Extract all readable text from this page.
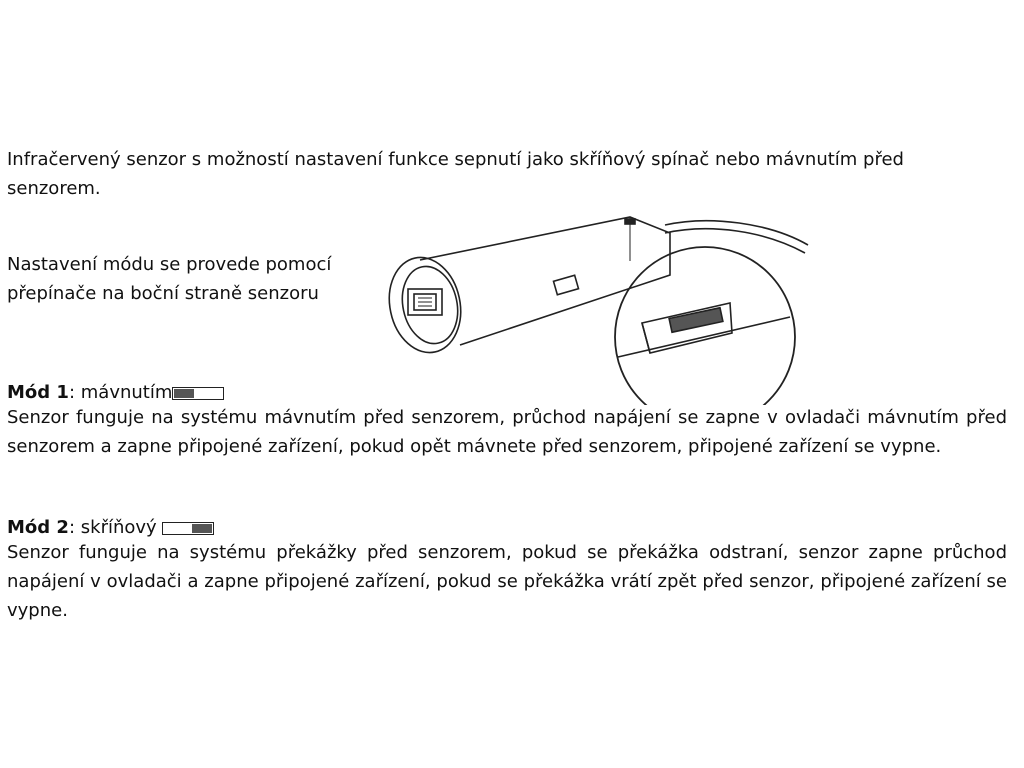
Infračervený senzor s možností nastavení funkce sepnutí jako skříňový spínač nebo mávnutím před
senzorem.

Nastavení módu se provede pomocí
přepínače na boční straně senzoru

Mód 1: mávnutím

Senzor funguje na systému mávnutím před senzorem, průchod napájení se zapne v ovladači mávnutím před senzorem a zapne připojené zařízení, pokud opět mávnete před senzorem, připojené zařízení se vypne.

Mód 2: skříňový

Senzor funguje na systému překážky před senzorem, pokud se překážka odstraní, senzor zapne průchod napájení v ovladači a zapne připojené zařízení, pokud se překážka vrátí zpět před senzor, připojené zařízení se vypne.
